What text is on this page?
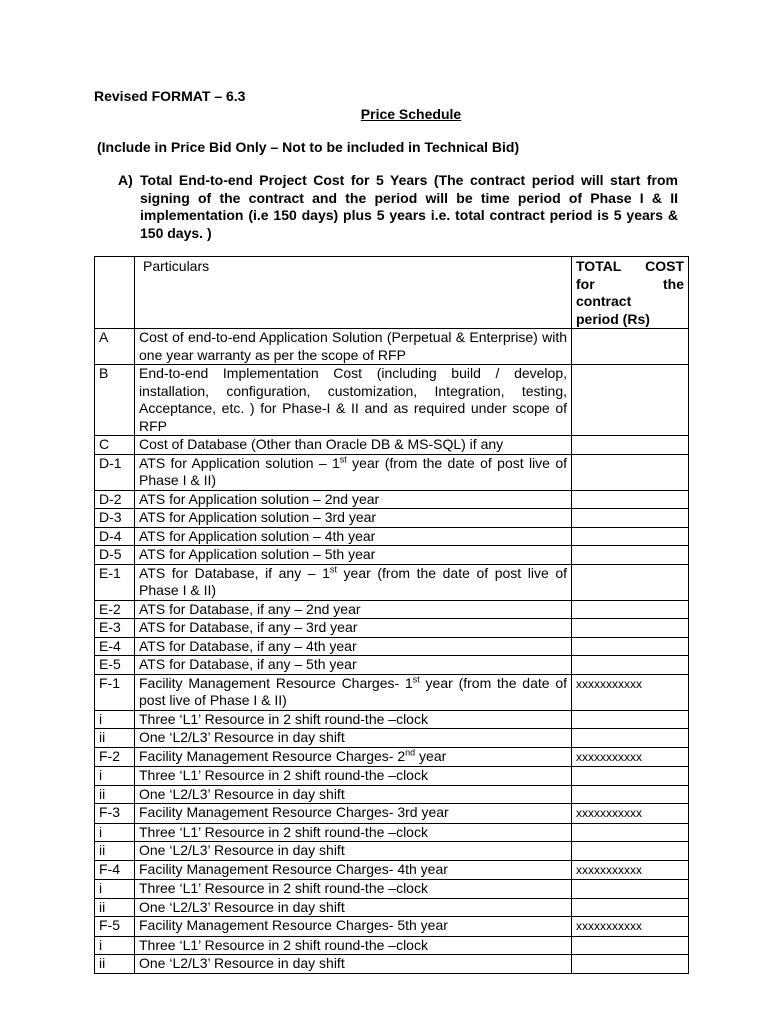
Revised FORMAT – 6.3

Price Schedule

(Include in Price Bid Only – Not to be included in Technical Bid)

A) Total End-to-end Project Cost for 5 Years (The contract period will start from signing of the contract and the period will be time period of Phase I & II implementation (i.e 150 days) plus 5 years i.e. total contract period is 5 years & 150 days. )
	Particulars	TOTAL COST
for the
contract
period (Rs)

A	Cost of end-to-end Application Solution (Perpetual & Enterprise) with one year warranty as per the scope of RFP	
B	End-to-end Implementation Cost (including build / develop, installation, configuration, customization, Integration, testing, Acceptance, etc. ) for Phase-I & II and as required under scope of RFP	
C	Cost of Database (Other than Oracle DB & MS-SQL) if any	
D-1	ATS for Application solution – 1st year (from the date of post live of Phase I & II)	
D-2	ATS for Application solution – 2nd year	
D-3	ATS for Application solution – 3rd year	
D-4	ATS for Application solution – 4th year	
D-5	ATS for Application solution – 5th year	
E-1	ATS for Database, if any – 1st year (from the date of post live of Phase I & II)	
E-2	ATS for Database, if any – 2nd year	
E-3	ATS for Database, if any – 3rd year	
E-4	ATS for Database, if any – 4th year	
E-5	ATS for Database, if any – 5th year	
F-1	Facility Management Resource Charges- 1st year (from the date of post live of Phase I & II)	xxxxxxxxxxx
i	Three ‘L1’ Resource in 2 shift round-the –clock	
ii	One ‘L2/L3’ Resource in day shift	
F-2	Facility Management Resource Charges- 2nd year	xxxxxxxxxxx
i	Three ‘L1’ Resource in 2 shift round-the –clock	
ii	One ‘L2/L3’ Resource in day shift	
F-3	Facility Management Resource Charges- 3rd year	xxxxxxxxxxx
i	Three ‘L1’ Resource in 2 shift round-the –clock	
ii	One ‘L2/L3’ Resource in day shift	
F-4	Facility Management Resource Charges- 4th year	xxxxxxxxxxx
i	Three ‘L1’ Resource in 2 shift round-the –clock	
ii	One ‘L2/L3’ Resource in day shift	
F-5	Facility Management Resource Charges- 5th year	xxxxxxxxxxx
i	Three ‘L1’ Resource in 2 shift round-the –clock	
ii	One ‘L2/L3’ Resource in day shift	
